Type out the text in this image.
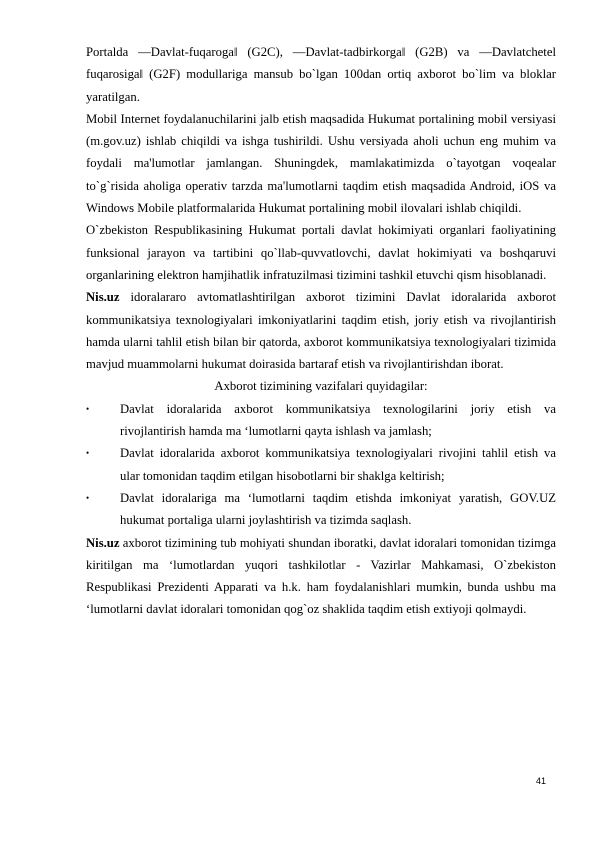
Portalda —Davlat-fuqaroga‖ (G2C), —Davlat-tadbirkorga‖ (G2B) va —Davlatchetel fuqarosiga‖ (G2F) modullariga mansub bo`lgan 100dan ortiq axborot bo`lim va bloklar yaratilgan.

Mobil Internet foydalanuchilarini jalb etish maqsadida Hukumat portalining mobil versiyasi (m.gov.uz) ishlab chiqildi va ishga tushirildi. Ushu versiyada aholi uchun eng muhim va foydali ma'lumotlar jamlangan. Shuningdek, mamlakatimizda o`tayotgan voqealar to`g`risida aholiga operativ tarzda ma'lumotlarni taqdim etish maqsadida Android, iOS va Windows Mobile platformalarida Hukumat portalining mobil ilovalari ishlab chiqildi.

O`zbekiston Respublikasining Hukumat portali davlat hokimiyati organlari faoliyatining funksional jarayon va tartibini qo`llab-quvvatlovchi, davlat hokimiyati va boshqaruvi organlarining elektron hamjihatlik infratuzilmasi tizimini tashkil etuvchi qism hisoblanadi.

Nis.uz idoralararo avtomatlashtirilgan axborot tizimini Davlat idoralarida axborot kommunikatsiya texnologiyalari imkoniyatlarini taqdim etish, joriy etish va rivojlantirish hamda ularni tahlil etish bilan bir qatorda, axborot kommunikatsiya texnologiyalari tizimida mavjud muammolarni hukumat doirasida bartaraf etish va rivojlantirishdan iborat.

Axborot tizimining vazifalari quyidagilar:

• Davlat idoralarida axborot kommunikatsiya texnologilarini joriy etish va rivojlantirish hamda ma ‘lumotlarni qayta ishlash va jamlash;

• Davlat idoralarida axborot kommunikatsiya texnologiyalari rivojini tahlil etish va ular tomonidan taqdim etilgan hisobotlarni bir shaklga keltirish;

• Davlat idoralariga ma ‘lumotlarni taqdim etishda imkoniyat yaratish, GOV.UZ hukumat portaliga ularni joylashtirish va tizimda saqlash.

Nis.uz axborot tizimining tub mohiyati shundan iboratki, davlat idoralari tomonidan tizimga kiritilgan ma ‘lumotlardan yuqori tashkilotlar - Vazirlar Mahkamasi, O`zbekiston Respublikasi Prezidenti Apparati va h.k. ham foydalanishlari mumkin, bunda ushbu ma ‘lumotlarni davlat idoralari tomonidan qog`oz shaklida taqdim etish extiyoji qolmaydi.

41
